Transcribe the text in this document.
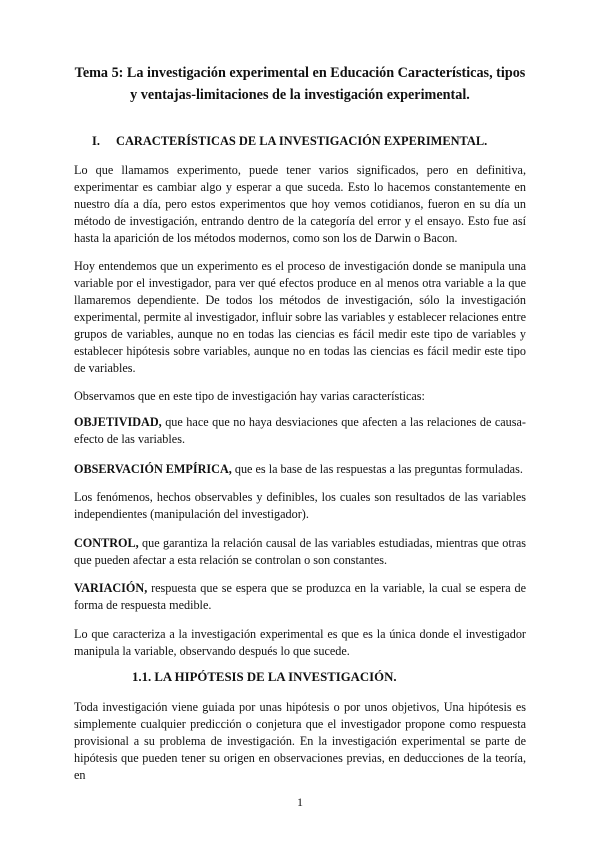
Tema 5: La investigación experimental en Educación Características, tipos
y ventajas-limitaciones de la investigación experimental.

I. CARACTERÍSTICAS DE LA INVESTIGACIÓN EXPERIMENTAL.

Lo que llamamos experimento, puede tener varios significados, pero en definitiva, experimentar es cambiar algo y esperar a que suceda. Esto lo hacemos constantemente en nuestro día a día, pero estos experimentos que hoy vemos cotidianos, fueron en su día un método de investigación, entrando dentro de la categoría del error y el ensayo. Esto fue así hasta la aparición de los métodos modernos, como son los de Darwin o Bacon.

Hoy entendemos que un experimento es el proceso de investigación donde se manipula una variable por el investigador, para ver qué efectos produce en al menos otra variable a la que llamaremos dependiente. De todos los métodos de investigación, sólo la investigación experimental, permite al investigador, influir sobre las variables y establecer relaciones entre grupos de variables, aunque no en todas las ciencias es fácil medir este tipo de variables y establecer hipótesis sobre variables, aunque no en todas las ciencias es fácil medir este tipo de variables.

Observamos que en este tipo de investigación hay varias características:

OBJETIVIDAD, que hace que no haya desviaciones que afecten a las relaciones de causa-efecto de las variables.

OBSERVACIÓN EMPÍRICA, que es la base de las respuestas a las preguntas formuladas.

Los fenómenos, hechos observables y definibles, los cuales son resultados de las variables independientes (manipulación del investigador).

CONTROL, que garantiza la relación causal de las variables estudiadas, mientras que otras que pueden afectar a esta relación se controlan o son constantes.

VARIACIÓN, respuesta que se espera que se produzca en la variable, la cual se espera de forma de respuesta medible.

Lo que caracteriza a la investigación experimental es que es la única donde el investigador manipula la variable, observando después lo que sucede.

1.1. LA HIPÓTESIS DE LA INVESTIGACIÓN.

Toda investigación viene guiada por unas hipótesis o por unos objetivos, Una hipótesis es simplemente cualquier predicción o conjetura que el investigador propone como respuesta provisional a su problema de investigación. En la investigación experimental se parte de hipótesis que pueden tener su origen en observaciones previas, en deducciones de la teoría, en

1
